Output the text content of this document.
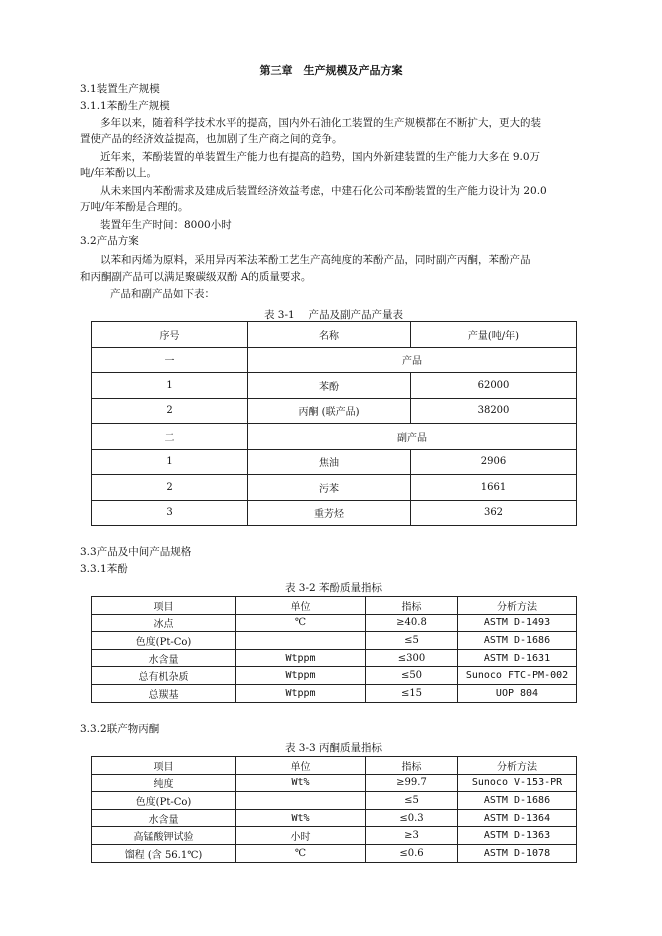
第三章　生产规模及产品方案
3.1装置生产规模
3.1.1苯酚生产规模
多年以来，随着科学技术水平的提高，国内外石油化工装置的生产规模都在不断扩大，更大的装
置使产品的经济效益提高，也加剧了生产商之间的竞争。
近年来，苯酚装置的单装置生产能力也有提高的趋势，国内外新建装置的生产能力大多在 9.0万
吨/年苯酚以上。
从未来国内苯酚需求及建成后装置经济效益考虑，中建石化公司苯酚装置的生产能力设计为 20.0
万吨/年苯酚是合理的。
装置年生产时间：8000小时
3.2产品方案
以苯和丙烯为原料，采用异丙苯法苯酚工艺生产高纯度的苯酚产品，同时副产丙酮，苯酚产品
和丙酮副产品可以满足聚碳级双酚 A的质量要求。
产品和副产品如下表：
表 3-1　 产品及副产品产量表
序号	名称	产量(吨/年)
一	产品	
1	苯酚	62000
2	丙酮 (联产品)	38200
二	副产品	
1	焦油	2906
2	污苯	1661
3	重芳烃	362
3.3产品及中间产品规格
3.3.1苯酚
表 3-2 苯酚质量指标
项目	单位	指标	分析方法
冰点	℃	≥40.8	ASTM D-1493
色度(Pt-Co)		≤5	ASTM D-1686
水含量	Wtppm	≤300	ASTM D-1631
总有机杂质	Wtppm	≤50	Sunoco FTC-PM-002
总羰基	Wtppm	≤15	UOP 804
3.3.2联产物丙酮
表 3-3 丙酮质量指标
项目	单位	指标	分析方法
纯度	Wt%	≥99.7	Sunoco V-153-PR
色度(Pt-Co)		≤5	ASTM D-1686
水含量	Wt%	≤0.3	ASTM D-1364
高锰酸钾试验	小时	≥3	ASTM D-1363
馏程 (含 56.1℃)	℃	≤0.6	ASTM D-1078
